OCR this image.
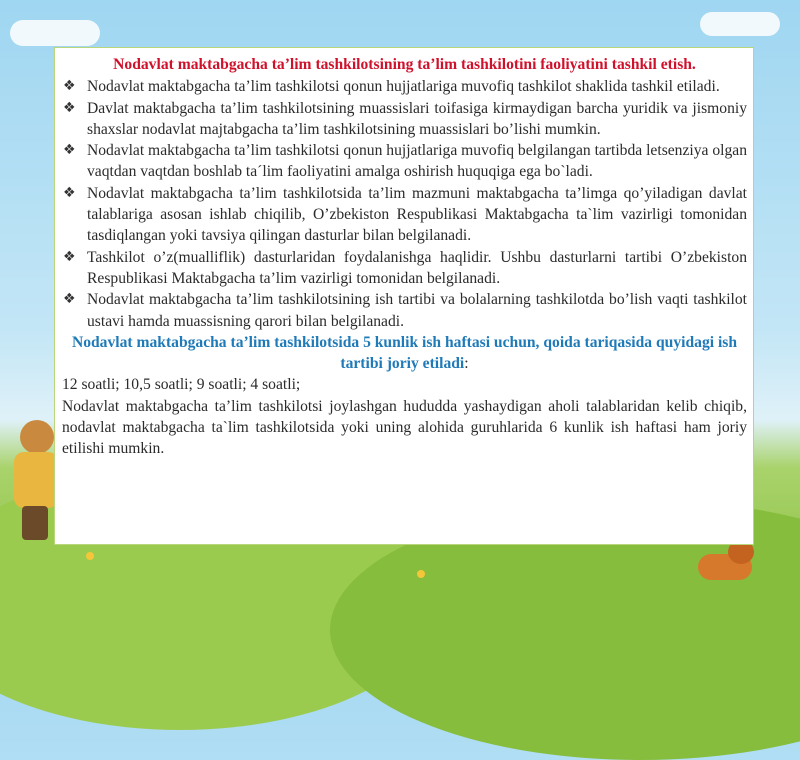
Nodavlat maktabgacha ta’lim tashkilotsining ta’lim tashkilotini faoliyatini tashkil etish.

❖ Nodavlat maktabgacha ta’lim tashkilotsi qonun hujjatlariga muvofiq tashkilot shaklida tashkil etiladi.
❖ Davlat maktabgacha ta’lim tashkilotsining muassislari toifasiga kirmaydigan barcha yuridik va jismoniy shaxslar nodavlat majtabgacha ta’lim tashkilotsining muassislari bo’lishi mumkin.
❖ Nodavlat maktabgacha ta’lim tashkilotsi qonun hujjatlariga muvofiq belgilangan tartibda letsenziya olgan vaqtdan vaqtdan boshlab ta´lim faoliyatini amalga oshirish huquqiga ega bo`ladi.
❖ Nodavlat maktabgacha ta’lim tashkilotsida ta’lim mazmuni maktabgacha ta’limga qo’yiladigan davlat talablariga asosan ishlab chiqilib, O’zbekiston Respublikasi Maktabgacha ta`lim vazirligi tomonidan tasdiqlangan yoki tavsiya qilingan dasturlar bilan belgilanadi.
❖ Tashkilot o’z(mualliflik) dasturlaridan foydalanishga haqlidir. Ushbu dasturlarni tartibi O’zbekiston Respublikasi Maktabgacha ta’lim vazirligi tomonidan belgilanadi.
❖ Nodavlat maktabgacha ta’lim tashkilotsining ish tartibi va bolalarning tashkilotda bo’lish vaqti tashkilot ustavi hamda muassisning qarori bilan belgilanadi.

Nodavlat maktabgacha ta’lim tashkilotsida 5 kunlik ish haftasi uchun, qoida tariqasida quyidagi ish tartibi joriy etiladi:

12 soatli; 10,5 soatli; 9 soatli; 4 soatli;

Nodavlat maktabgacha ta’lim tashkilotsi joylashgan hududda yashaydigan aholi talablaridan kelib chiqib, nodavlat maktabgacha ta`lim tashkilotsida yoki uning alohida guruhlarida 6 kunlik ish haftasi ham joriy etilishi mumkin.
